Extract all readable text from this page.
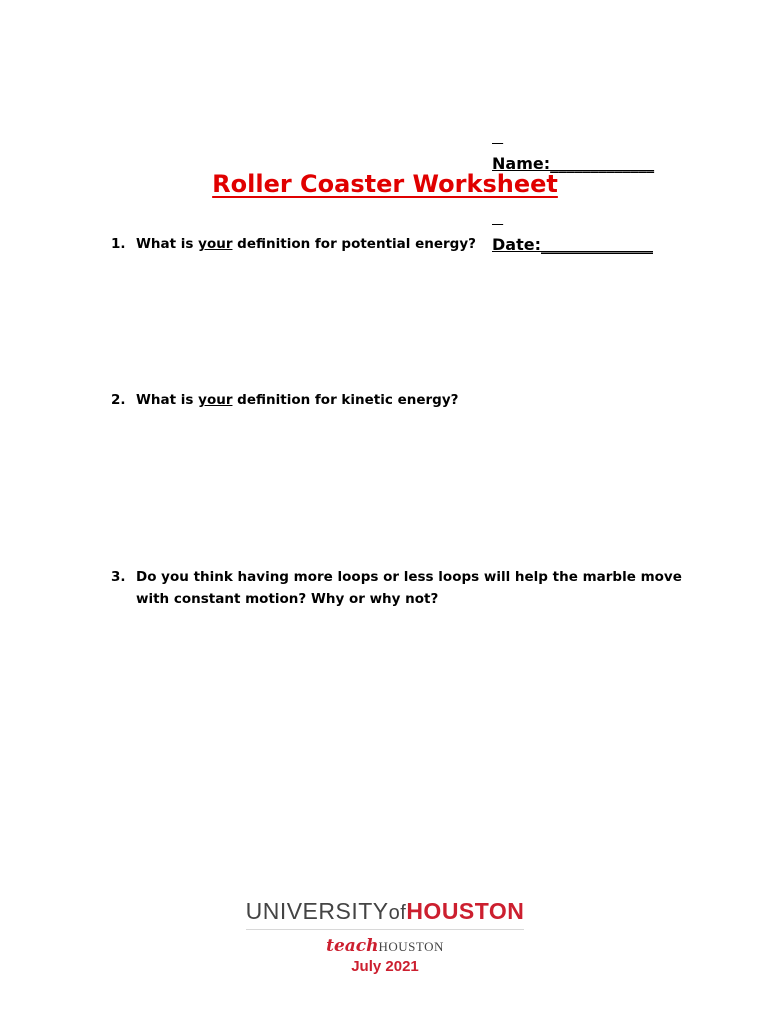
Name:_____________

Date:______________

Roller Coaster Worksheet
1. What is your definition for potential energy?
2. What is your definition for kinetic energy?
3. Do you think having more loops or less loops will help the marble move
with constant motion? Why or why not?
UNIVERSITYofHOUSTON
teachHOUSTON
July 2021
